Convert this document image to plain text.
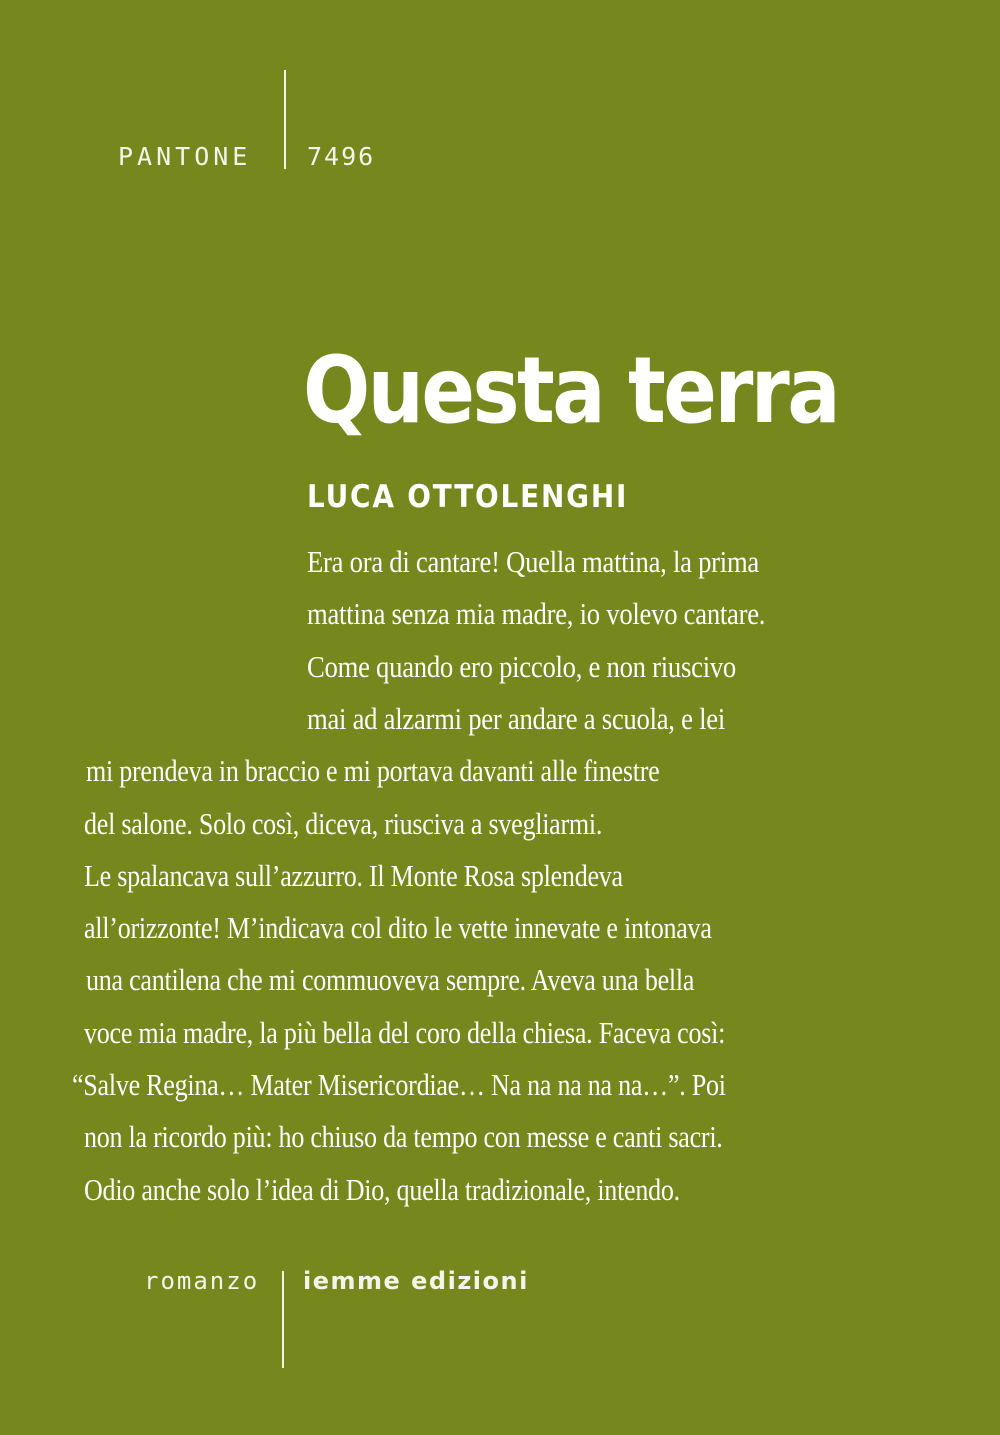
PANTONE 7496
Questa terra
LUCA OTTOLENGHI
Era ora di cantare! Quella mattina, la prima
mattina senza mia madre, io volevo cantare.
Come quando ero piccolo, e non riuscivo
mai ad alzarmi per andare a scuola, e lei
mi prendeva in braccio e mi portava davanti alle finestre
del salone. Solo così, diceva, riusciva a svegliarmi.
Le spalancava sull’azzurro. Il Monte Rosa splendeva
all’orizzonte! M’indicava col dito le vette innevate e intonava
una cantilena che mi commuoveva sempre. Aveva una bella
voce mia madre, la più bella del coro della chiesa. Faceva così:
“Salve Regina… Mater Misericordiae… Na na na na na…”. Poi
non la ricordo più: ho chiuso da tempo con messe e canti sacri.
Odio anche solo l’idea di Dio, quella tradizionale, intendo.
romanzo iemme edizioni
